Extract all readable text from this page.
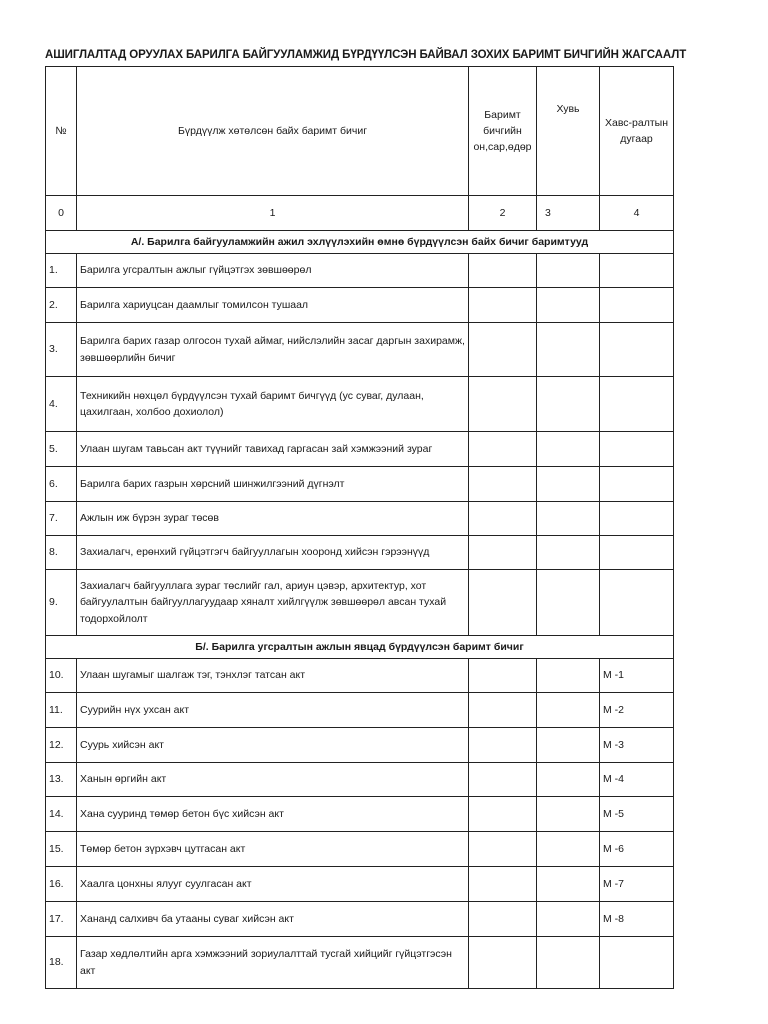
АШИГЛАЛТАД ОРУУЛАХ БАРИЛГА БАЙГУУЛАМЖИД БҮРДҮҮЛСЭН БАЙВАЛ ЗОХИХ БАРИМТ БИЧГИЙН ЖАГСААЛТ
№	Бүрдүүлж хөтөлсөн байх баримт бичиг	Баримт бичгийн он,сар,өдөр	Хувь	Хавс-ралтын дугаар
0	1	2	3	4
А/. Барилга байгууламжийн ажил эхлүүлэхийн өмнө бүрдүүлсэн байх бичиг баримтууд				
1.	Барилга угсралтын ажлыг гүйцэтгэх зөвшөөрөл			
2.	Барилга хариуцсан даамлыг томилсон тушаал			
3.	Барилга барих газар олгосон тухай аймаг, нийслэлийн засаг даргын захирамж, зөвшөөрлийн бичиг			
4.	Техникийн нөхцөл бүрдүүлсэн тухай баримт бичгүүд (ус суваг, дулаан, цахилгаан, холбоо дохиолол)			
5.	Улаан шугам тавьсан акт түүнийг тавихад гаргасан зай хэмжээний зураг			
6.	Барилга барих газрын хөрсний шинжилгээний дүгнэлт			
7.	Ажлын иж бүрэн зураг төсөв			
8.	Захиалагч, ерөнхий гүйцэтгэгч байгууллагын хооронд хийсэн гэрээнүүд			
9.	Захиалагч байгууллага зураг төслийг гал, ариун цэвэр, архитектур, хот байгуулалтын байгууллагуудаар хяналт хийлгүүлж зөвшөөрөл авсан тухай тодорхойлолт			
Б/. Барилга угсралтын ажлын явцад бүрдүүлсэн баримт бичиг				
10.	Улаан шугамыг шалгаж тэг, тэнхлэг татсан акт			М -1
11.	Суурийн нүх ухсан акт			М -2
12.	Суурь хийсэн акт			М -3
13.	Ханын өргийн акт			М -4
14.	Хана сууринд төмөр бетон бүс хийсэн акт			М -5
15.	Төмөр бетон зүрхэвч цутгасан акт			М -6
16.	Хаалга цонхны ялууг суулгасан акт			М -7
17.	Хананд салхивч ба утааны суваг хийсэн акт			М -8
18.	Газар хөдлөлтийн арга хэмжээний зориулалттай тусгай хийцийг гүйцэтгэсэн акт			
